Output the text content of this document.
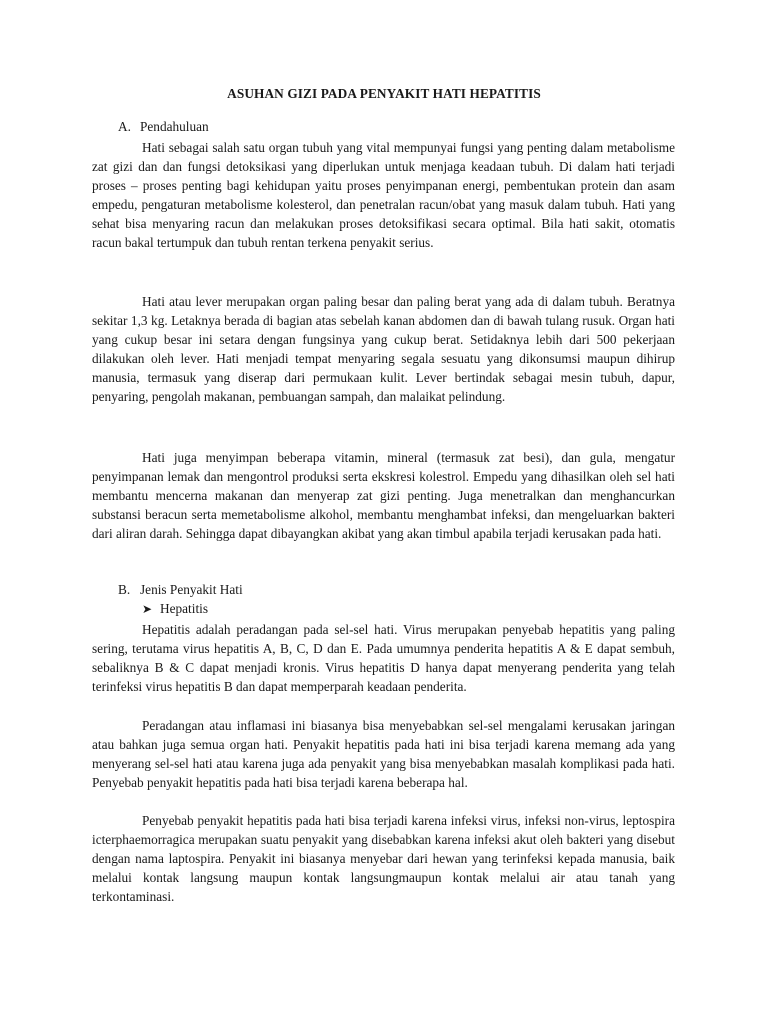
ASUHAN GIZI PADA PENYAKIT HATI HEPATITIS
A. Pendahuluan
Hati sebagai salah satu organ tubuh yang vital mempunyai fungsi yang penting dalam metabolisme zat gizi dan dan fungsi detoksikasi yang diperlukan untuk menjaga keadaan tubuh. Di dalam hati terjadi proses – proses penting bagi kehidupan yaitu proses penyimpanan energi, pembentukan protein dan asam empedu, pengaturan metabolisme kolesterol, dan penetralan racun/obat yang masuk dalam tubuh. Hati yang sehat bisa menyaring racun dan melakukan proses detoksifikasi secara optimal. Bila hati sakit, otomatis racun bakal tertumpuk dan tubuh rentan terkena penyakit serius.
Hati atau lever merupakan organ paling besar dan paling berat yang ada di dalam tubuh. Beratnya sekitar 1,3 kg. Letaknya berada di bagian atas sebelah kanan abdomen dan di bawah tulang rusuk. Organ hati yang cukup besar ini setara dengan fungsinya yang cukup berat. Setidaknya lebih dari 500 pekerjaan dilakukan oleh lever. Hati menjadi tempat menyaring segala sesuatu yang dikonsumsi maupun dihirup manusia, termasuk yang diserap dari permukaan kulit. Lever bertindak sebagai mesin tubuh, dapur, penyaring, pengolah makanan, pembuangan sampah, dan malaikat pelindung.
Hati juga menyimpan beberapa vitamin, mineral (termasuk zat besi), dan gula, mengatur penyimpanan lemak dan mengontrol produksi serta ekskresi kolestrol. Empedu yang dihasilkan oleh sel hati membantu mencerna makanan dan menyerap zat gizi penting. Juga menetralkan dan menghancurkan substansi beracun serta memetabolisme alkohol, membantu menghambat infeksi, dan mengeluarkan bakteri dari aliran darah. Sehingga dapat dibayangkan akibat yang akan timbul apabila terjadi kerusakan pada hati.
B. Jenis Penyakit Hati
➤ Hepatitis
Hepatitis adalah peradangan pada sel-sel hati. Virus merupakan penyebab hepatitis yang paling sering, terutama virus hepatitis A, B, C, D dan E. Pada umumnya penderita hepatitis A & E dapat sembuh, sebaliknya B & C dapat menjadi kronis. Virus hepatitis D hanya dapat menyerang penderita yang telah terinfeksi virus hepatitis B dan dapat memperparah keadaan penderita.
Peradangan atau inflamasi ini biasanya bisa menyebabkan sel-sel mengalami kerusakan jaringan atau bahkan juga semua organ hati. Penyakit hepatitis pada hati ini bisa terjadi karena memang ada yang menyerang sel-sel hati atau karena juga ada penyakit yang bisa menyebabkan masalah komplikasi pada hati. Penyebab penyakit hepatitis pada hati bisa terjadi karena beberapa hal.
Penyebab penyakit hepatitis pada hati bisa terjadi karena infeksi virus, infeksi non-virus, leptospira icterphaemorragica merupakan suatu penyakit yang disebabkan karena infeksi akut oleh bakteri yang disebut dengan nama laptospira. Penyakit ini biasanya menyebar dari hewan yang terinfeksi kepada manusia, baik melalui kontak langsung maupun kontak langsungmaupun kontak melalui air atau tanah yang terkontaminasi.
